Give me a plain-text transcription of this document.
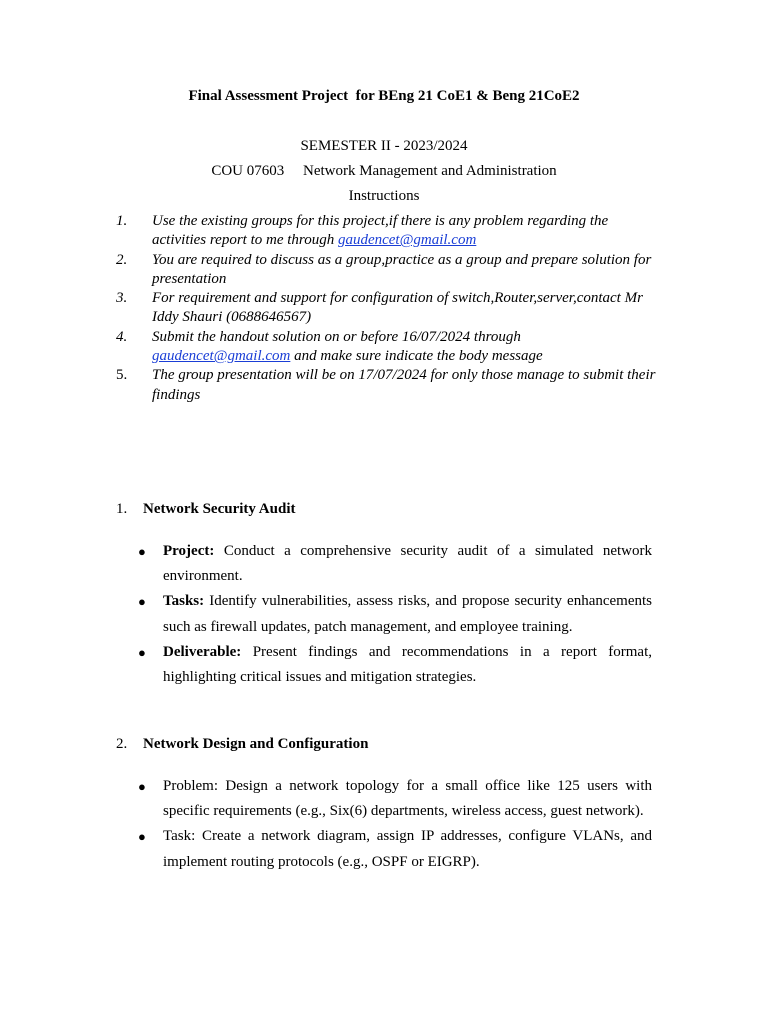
Final Assessment Project  for BEng 21 CoE1 & Beng 21CoE2
SEMESTER II - 2023/2024
COU 07603     Network Management and Administration
Instructions
1. Use the existing groups for this project,if there is any problem regarding the activities report to me through gaudencet@gmail.com
2. You are required to discuss as a group,practice as a group and prepare solution for presentation
3. For requirement and support for configuration of switch,Router,server,contact Mr Iddy Shauri (0688646567)
4. Submit the handout solution on or before 16/07/2024 through gaudencet@gmail.com and make sure indicate the body message
5. The group presentation will be on 17/07/2024 for only those manage to submit their findings
1. Network Security Audit
● Project: Conduct a comprehensive security audit of a simulated network environment.
● Tasks: Identify vulnerabilities, assess risks, and propose security enhancements such as firewall updates, patch management, and employee training.
● Deliverable: Present findings and recommendations in a report format, highlighting critical issues and mitigation strategies.
2. Network Design and Configuration
● Problem: Design a network topology for a small office like 125 users with specific requirements (e.g., Six(6) departments, wireless access, guest network).
● Task: Create a network diagram, assign IP addresses, configure VLANs, and implement routing protocols (e.g., OSPF or EIGRP).
